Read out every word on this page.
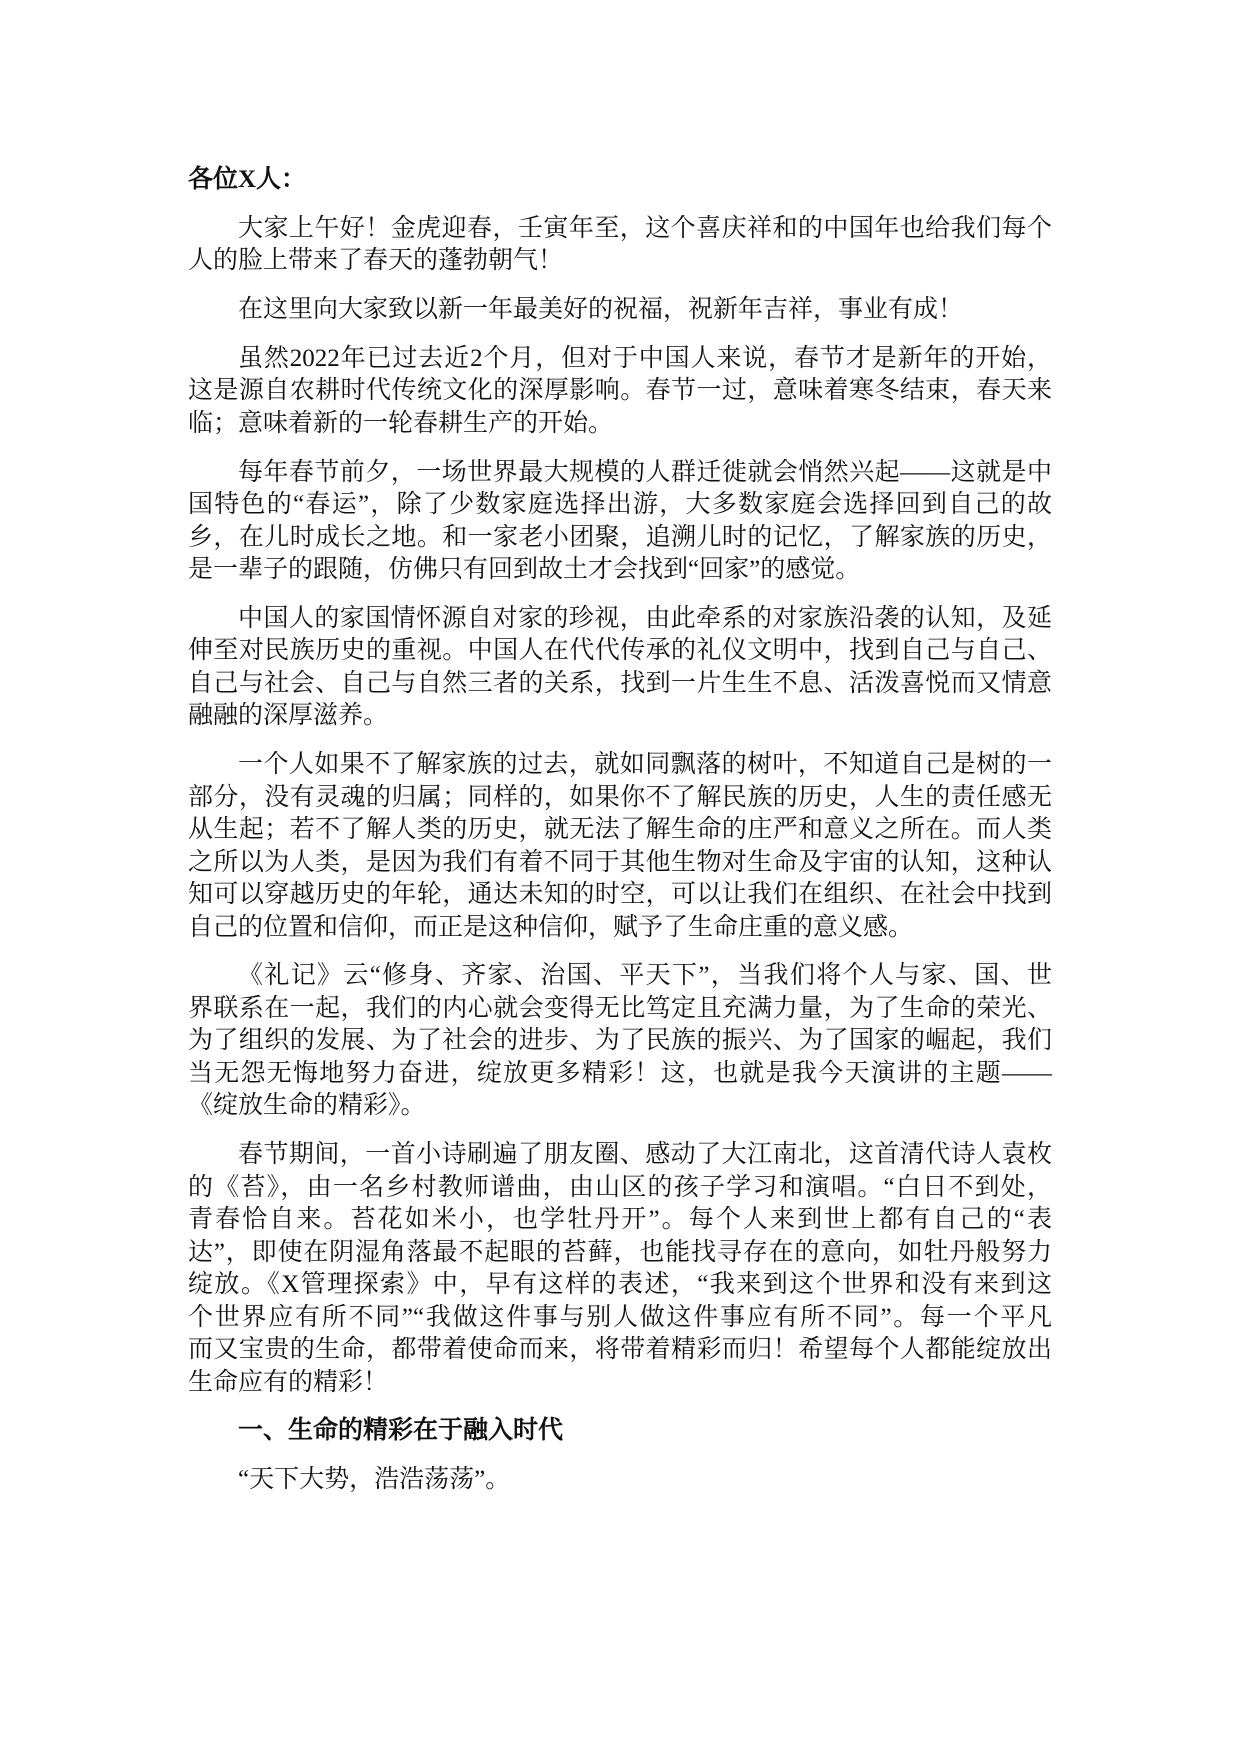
各位X人：
大家上午好！金虎迎春，壬寅年至，这个喜庆祥和的中国年也给我们每个
人的脸上带来了春天的蓬勃朝气！
在这里向大家致以新一年最美好的祝福，祝新年吉祥，事业有成！
虽然2022年已过去近2个月，但对于中国人来说，春节才是新年的开始，
这是源自农耕时代传统文化的深厚影响。春节一过，意味着寒冬结束，春天来
临；意味着新的一轮春耕生产的开始。
每年春节前夕，一场世界最大规模的人群迁徙就会悄然兴起——这就是中
国特色的“春运”，除了少数家庭选择出游，大多数家庭会选择回到自己的故
乡，在儿时成长之地。和一家老小团聚，追溯儿时的记忆，了解家族的历史，
是一辈子的跟随，仿佛只有回到故土才会找到“回家”的感觉。
中国人的家国情怀源自对家的珍视，由此牵系的对家族沿袭的认知，及延
伸至对民族历史的重视。中国人在代代传承的礼仪文明中，找到自己与自己、
自己与社会、自己与自然三者的关系，找到一片生生不息、活泼喜悦而又情意
融融的深厚滋养。
一个人如果不了解家族的过去，就如同飘落的树叶，不知道自己是树的一
部分，没有灵魂的归属；同样的，如果你不了解民族的历史，人生的责任感无
从生起；若不了解人类的历史，就无法了解生命的庄严和意义之所在。而人类
之所以为人类，是因为我们有着不同于其他生物对生命及宇宙的认知，这种认
知可以穿越历史的年轮，通达未知的时空，可以让我们在组织、在社会中找到
自己的位置和信仰，而正是这种信仰，赋予了生命庄重的意义感。
《礼记》云“修身、齐家、治国、平天下”，当我们将个人与家、国、世
界联系在一起，我们的内心就会变得无比笃定且充满力量，为了生命的荣光、
为了组织的发展、为了社会的进步、为了民族的振兴、为了国家的崛起，我们
当无怨无悔地努力奋进，绽放更多精彩！这，也就是我今天演讲的主题——
《绽放生命的精彩》。
春节期间，一首小诗刷遍了朋友圈、感动了大江南北，这首清代诗人袁枚
的《苔》，由一名乡村教师谱曲，由山区的孩子学习和演唱。“白日不到处，
青春恰自来。苔花如米小，也学牡丹开”。每个人来到世上都有自己的“表
达”，即使在阴湿角落最不起眼的苔藓，也能找寻存在的意向，如牡丹般努力
绽放。《X管理探索》中，早有这样的表述，“我来到这个世界和没有来到这
个世界应有所不同”“我做这件事与别人做这件事应有所不同”。每一个平凡
而又宝贵的生命，都带着使命而来，将带着精彩而归！希望每个人都能绽放出
生命应有的精彩！
一、生命的精彩在于融入时代
“天下大势，浩浩荡荡”。
